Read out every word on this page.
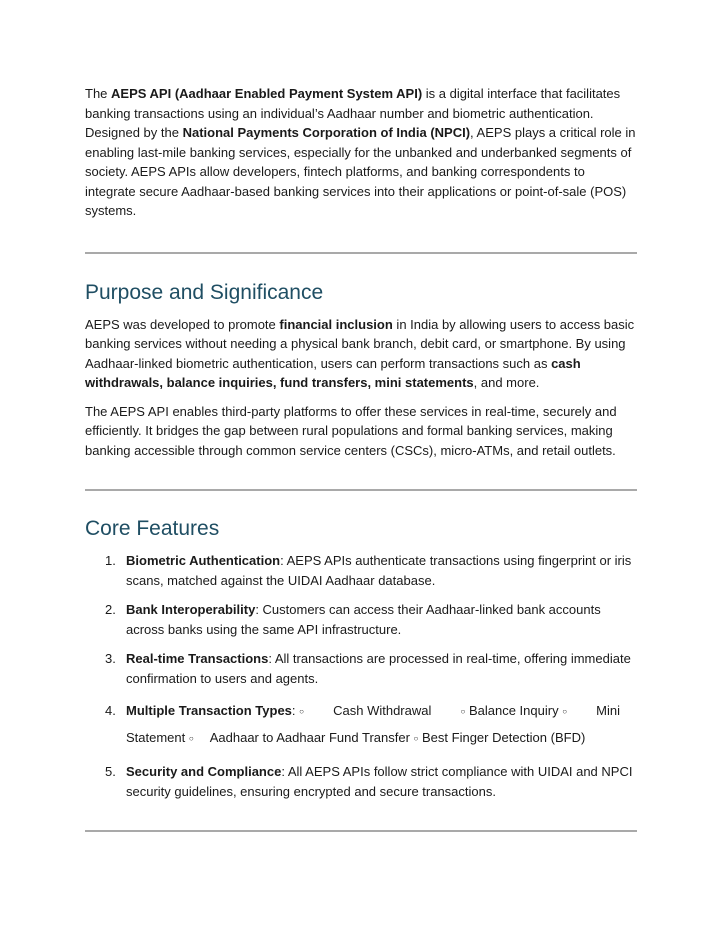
The AEPS API (Aadhaar Enabled Payment System API) is a digital interface that facilitates banking transactions using an individual’s Aadhaar number and biometric authentication. Designed by the National Payments Corporation of India (NPCI), AEPS plays a critical role in enabling last-mile banking services, especially for the unbanked and underbanked segments of society. AEPS APIs allow developers, fintech platforms, and banking correspondents to integrate secure Aadhaar-based banking services into their applications or point-of-sale (POS) systems.

Purpose and Significance

AEPS was developed to promote financial inclusion in India by allowing users to access basic banking services without needing a physical bank branch, debit card, or smartphone. By using Aadhaar-linked biometric authentication, users can perform transactions such as cash withdrawals, balance inquiries, fund transfers, mini statements, and more.

The AEPS API enables third-party platforms to offer these services in real-time, securely and efficiently. It bridges the gap between rural populations and formal banking services, making banking accessible through common service centers (CSCs), micro-ATMs, and retail outlets.

Core Features
1. Biometric Authentication: AEPS APIs authenticate transactions using fingerprint or iris scans, matched against the UIDAI Aadhaar database.
2. Bank Interoperability: Customers can access their Aadhaar-linked bank accounts across banks using the same API infrastructure.
3. Real-time Transactions: All transactions are processed in real-time, offering immediate confirmation to users and agents.
4. Multiple Transaction Types: ○ Cash Withdrawal	○ Balance Inquiry ○ Mini
Statement ○ Aadhaar to Aadhaar Fund Transfer ○ Best Finger Detection (BFD)
5. Security and Compliance: All AEPS APIs follow strict compliance with UIDAI and NPCI security guidelines, ensuring encrypted and secure transactions.
